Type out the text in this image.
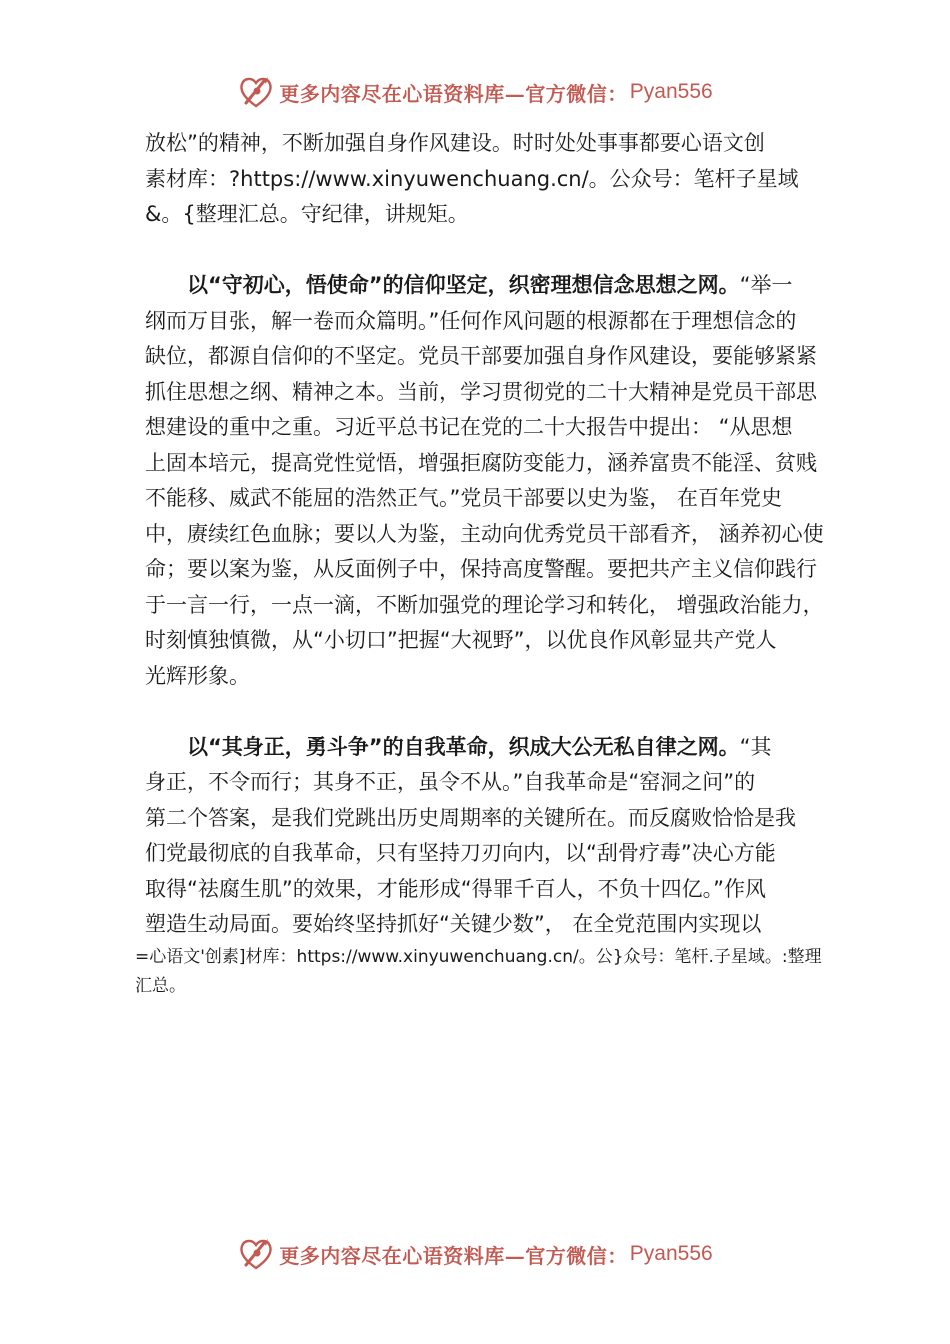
更多内容尽在心语资料库—官方微信： Pyan556
放松”的精神，不断加强自身作风建设。时时处处事事都要心语文创
素材库：?https://www.xinyuwenchuang.cn/。公众号：笔杆子星域
&。{整理汇总。守纪律，讲规矩。
以“守初心，悟使命”的信仰坚定，织密理想信念思想之网。“举一
纲而万目张，解一卷而众篇明。”任何作风问题的根源都在于理想信念的
缺位，都源自信仰的不坚定。党员干部要加强自身作风建设，要能够紧紧
抓住思想之纲、精神之本。当前，学习贯彻党的二十大精神是党员干部思
想建设的重中之重。习近平总书记在党的二十大报告中提出： “从思想
上固本培元，提高党性觉悟，增强拒腐防变能力，涵养富贵不能淫、贫贱
不能移、威武不能屈的浩然正气。”党员干部要以史为鉴， 在百年党史
中，赓续红色血脉；要以人为鉴，主动向优秀党员干部看齐， 涵养初心使
命；要以案为鉴，从反面例子中，保持高度警醒。要把共产主义信仰践行
于一言一行，一点一滴，不断加强党的理论学习和转化， 增强政治能力，
时刻慎独慎微，从“小切口”把握“大视野”，以优良作风彰显共产党人
光辉形象。
以“其身正，勇斗争”的自我革命，织成大公无私自律之网。“其
身正，不令而行；其身不正，虽令不从。”自我革命是“窑洞之问”的
第二个答案，是我们党跳出历史周期率的关键所在。而反腐败恰恰是我
们党最彻底的自我革命，只有坚持刀刃向内，以“刮骨疗毒”决心方能
取得“祛腐生肌”的效果，才能形成“得罪千百人，不负十四亿。”作风
塑造生动局面。要始终坚持抓好“关键少数”， 在全党范围内实现以
=心语文'创素]材库：https://www.xinyuwenchuang.cn/。公}众号：笔杆.子星域。:整理
汇总。
更多内容尽在心语资料库—官方微信： Pyan556
